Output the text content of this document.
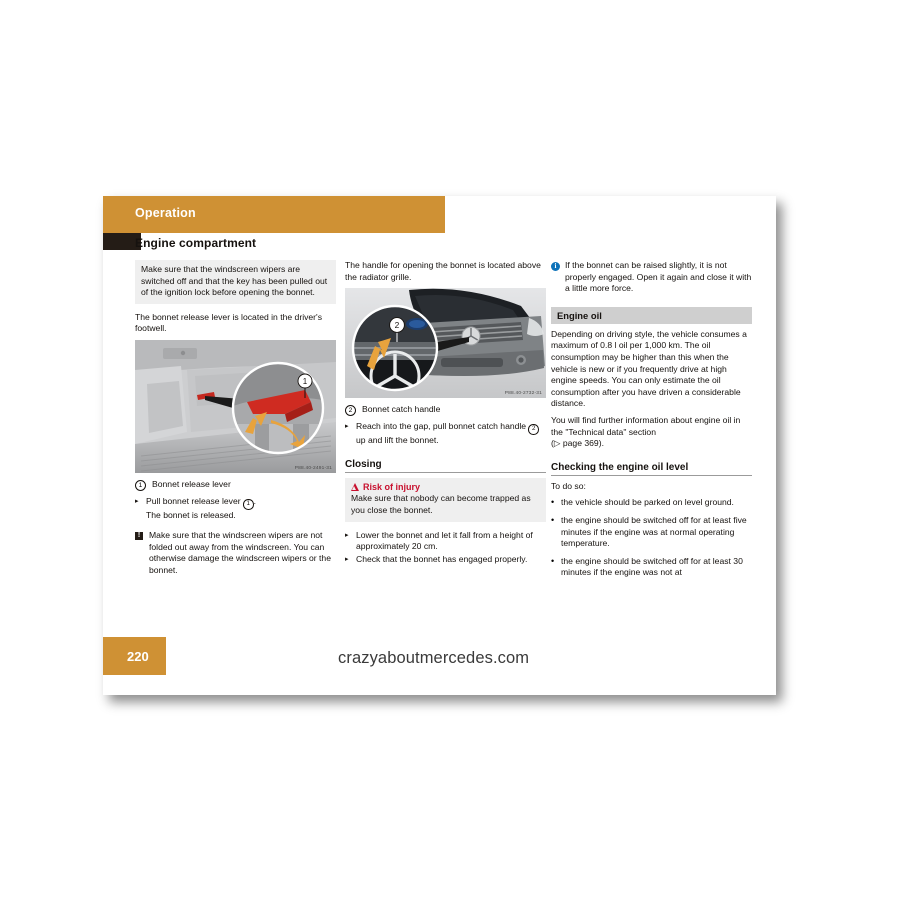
Operation
Engine compartment

Make sure that the windscreen wipers are switched off and that the key has been pulled out of the ignition lock before opening the bonnet.

The bonnet release lever is located in the driver's footwell.

1
P88.40-2491-31
1	Bonnet release lever
▸ Pull bonnet release lever 1 .
The bonnet is released.
!	Make sure that the windscreen wipers are not folded out away from the windscreen. You can otherwise damage the windscreen wipers or the bonnet.

The handle for opening the bonnet is located above the radiator grille.

2
P88.40-2732-31
2	Bonnet catch handle
▸ Reach into the gap, pull bonnet catch handle 2 up and lift the bonnet.
Closing
Risk of injury

Make sure that nobody can become trapped as you close the bonnet.

▸ Lower the bonnet and let it fall from a height of approximately 20 cm.
▸ Check that the bonnet has engaged properly.
i If the bonnet can be raised slightly, it is not properly engaged. Open it again and close it with a little more force.
Engine oil

Depending on driving style, the vehicle consumes a maximum of 0.8 l oil per 1,000 km. The oil consumption may be higher than this when the vehicle is new or if you frequently drive at high engine speeds. You can only estimate the oil consumption after you have driven a considerable distance.

You will find further information about engine oil in the "Technical data" section
(▷ page 369).

Checking the engine oil level

To do so:

• the vehicle should be parked on level ground.
• the engine should be switched off for at least five minutes if the engine was at normal operating temperature.
• the engine should be switched off for at least 30 minutes if the engine was not at
220	crazyaboutmercedes.com
